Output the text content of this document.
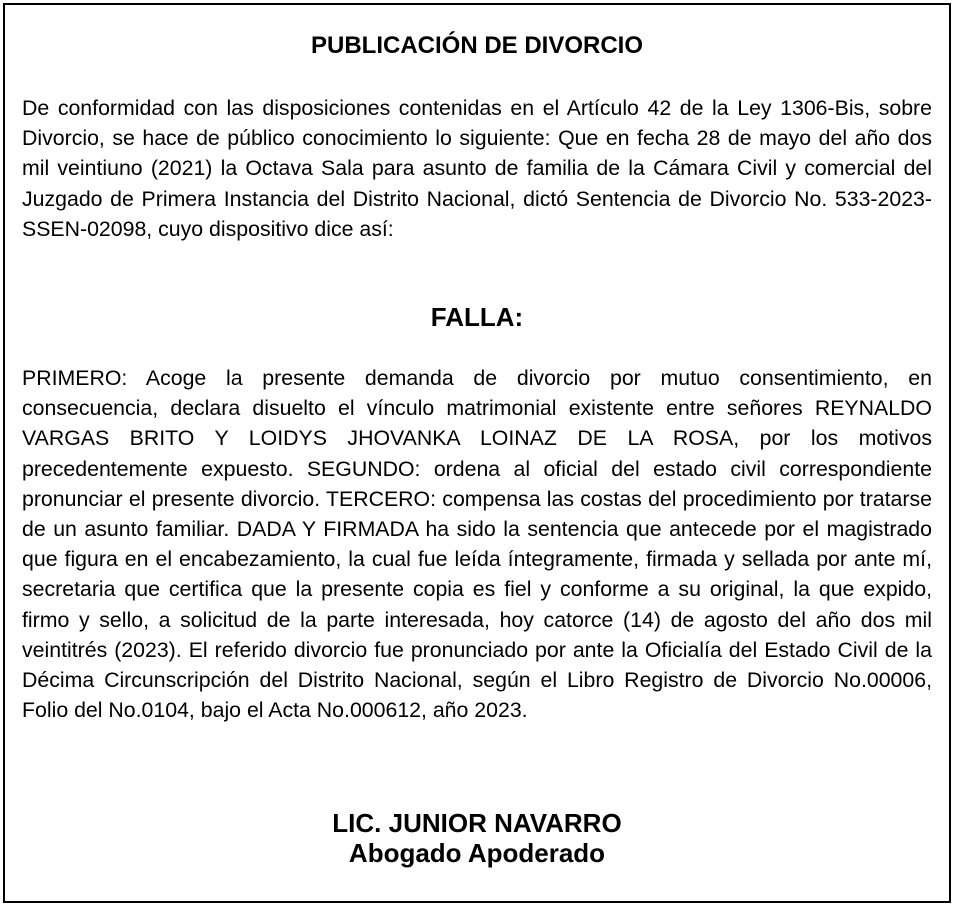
PUBLICACIÓN DE DIVORCIO
De conformidad con las disposiciones contenidas en el Artículo 42 de la Ley 1306-Bis, sobre Divorcio, se hace de público conocimiento lo siguiente: Que en fecha 28 de mayo del año dos mil veintiuno (2021) la Octava Sala para asunto de familia de la Cámara Civil y comercial del Juzgado de Primera Instancia del Distrito Nacional, dictó Sentencia de Divorcio No. 533-2023-SSEN-02098, cuyo dispositivo dice así:
FALLA:
PRIMERO: Acoge la presente demanda de divorcio por mutuo consentimiento, en consecuencia, declara disuelto el vínculo matrimonial existente entre señores REYNALDO VARGAS BRITO Y LOIDYS JHOVANKA LOINAZ DE LA ROSA, por los motivos precedentemente expuesto. SEGUNDO: ordena al oficial del estado civil correspondiente pronunciar el presente divorcio. TERCERO: compensa las costas del procedimiento por tratarse de un asunto familiar. DADA Y FIRMADA ha sido la sentencia que antecede por el magistrado que figura en el encabezamiento, la cual fue leída íntegramente, firmada y sellada por ante mí, secretaria que certifica que la presente copia es fiel y conforme a su original, la que expido, firmo y sello, a solicitud de la parte interesada, hoy catorce (14) de agosto del año dos mil veintitrés (2023). El referido divorcio fue pronunciado por ante la Oficialía del Estado Civil de la Décima Circunscripción del Distrito Nacional, según el Libro Registro de Divorcio No.00006, Folio del No.0104, bajo el Acta No.000612, año 2023.
LIC. JUNIOR NAVARRO
Abogado Apoderado
